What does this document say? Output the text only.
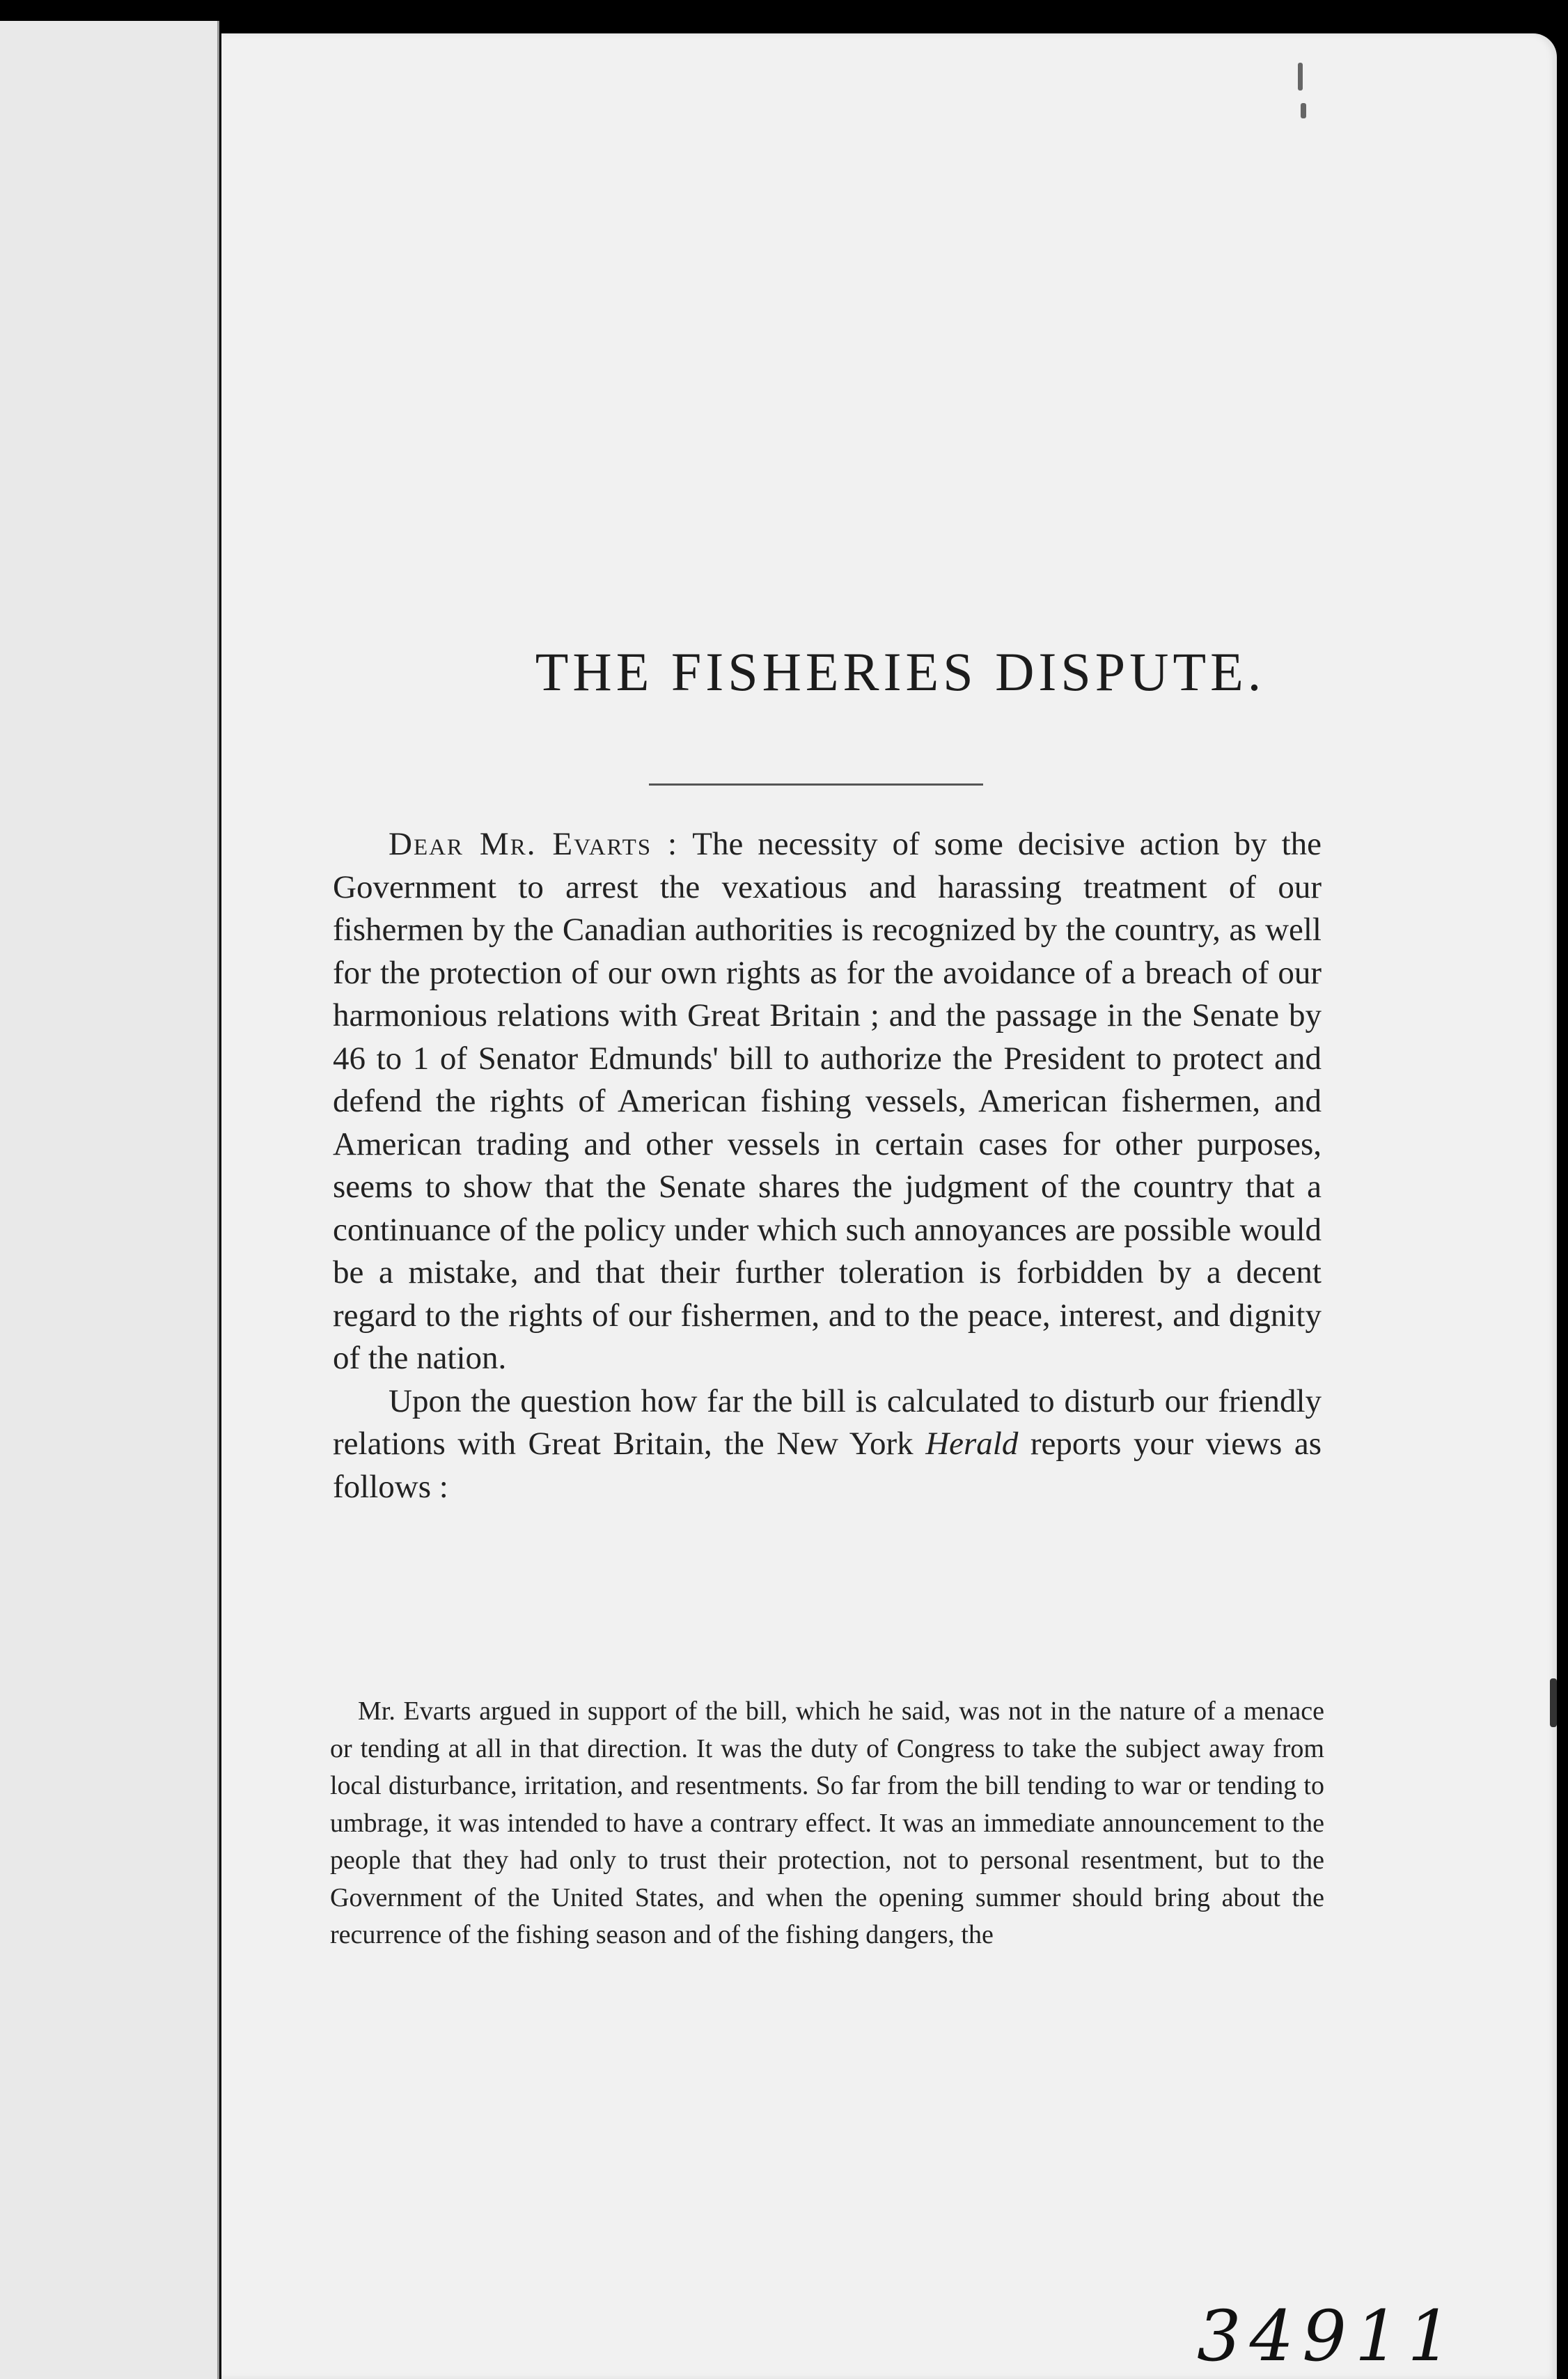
THE FISHERIES DISPUTE.

Dear Mr. Evarts : The necessity of some decisive action by the Government to arrest the vexatious and harassing treatment of our fishermen by the Canadian authorities is recognized by the country, as well for the protection of our own rights as for the avoidance of a breach of our harmonious relations with Great Britain ; and the passage in the Senate by 46 to 1 of Senator Edmunds' bill to authorize the President to protect and defend the rights of American fishing vessels, American fishermen, and American trading and other vessels in certain cases for other purposes, seems to show that the Senate shares the judgment of the country that a continuance of the policy under which such annoyances are possible would be a mistake, and that their further toleration is forbidden by a decent regard to the rights of our fishermen, and to the peace, interest, and dignity of the nation.

Upon the question how far the bill is calculated to disturb our friendly relations with Great Britain, the New York Herald reports your views as follows :

Mr. Evarts argued in support of the bill, which he said, was not in the nature of a menace or tending at all in that direction. It was the duty of Congress to take the subject away from local disturbance, irritation, and resentments. So far from the bill tending to war or tending to umbrage, it was intended to have a contrary effect. It was an immediate announcement to the people that they had only to trust their protection, not to personal resentment, but to the Government of the United States, and when the opening summer should bring about the recurrence of the fishing season and of the fishing dangers, the

34911
